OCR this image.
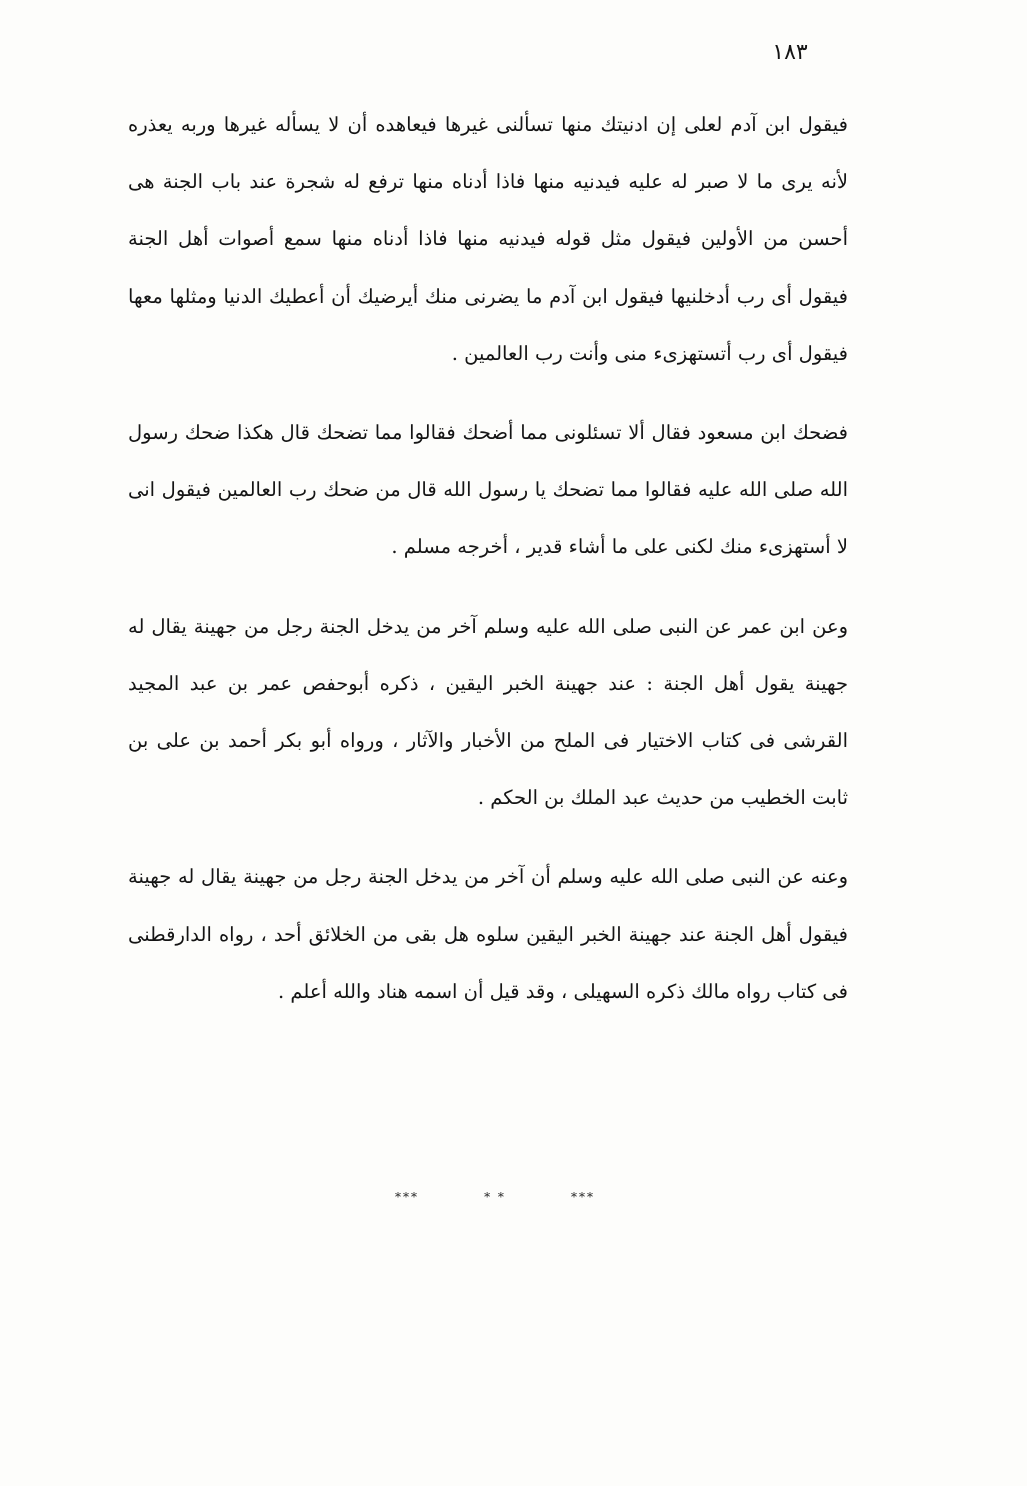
١٨٣

فيقول ابن آدم لعلى إن ادنيتك منها تسألنى غيرها فيعاهده أن لا يسأله غيرها وربه يعذره لأنه يرى ما لا صبر له عليه فيدنيه منها فاذا أدناه منها ترفع له شجرة عند باب الجنة هى أحسن من الأولين فيقول مثل قوله فيدنيه منها فاذا أدناه منها سمع أصوات أهل الجنة فيقول أى رب أدخلنيها فيقول ابن آدم ما يضرنى منك أيرضيك أن أعطيك الدنيا ومثلها معها فيقول أى رب أتستهزىء منى وأنت رب العالمين .

فضحك ابن مسعود فقال ألا تسئلونى مما أضحك فقالوا مما تضحك قال هكذا ضحك رسول الله صلى الله عليه فقالوا مما تضحك يا رسول الله قال من ضحك رب العالمين فيقول انى لا أستهزىء منك لكنى على ما أشاء قدير ، أخرجه مسلم .

وعن ابن عمر عن النبى صلى الله عليه وسلم آخر من يدخل الجنة رجل من جهينة يقال له جهينة يقول أهل الجنة : عند جهينة الخبر اليقين ، ذكره أبوحفص عمر بن عبد المجيد القرشى فى كتاب الاختيار فى الملح من الأخبار والآثار ، ورواه أبو بكر أحمد بن على بن ثابت الخطيب من حديث عبد الملك بن الحكم .

وعنه عن النبى صلى الله عليه وسلم أن آخر من يدخل الجنة رجل من جهينة يقال له جهينة فيقول أهل الجنة عند جهينة الخبر اليقين سلوه هل بقى من الخلائق أحد ، رواه الدارقطنى فى كتاب رواه مالك ذكره السهيلى ، وقد قيل أن اسمه هناد والله أعلم .

***	* *	***
